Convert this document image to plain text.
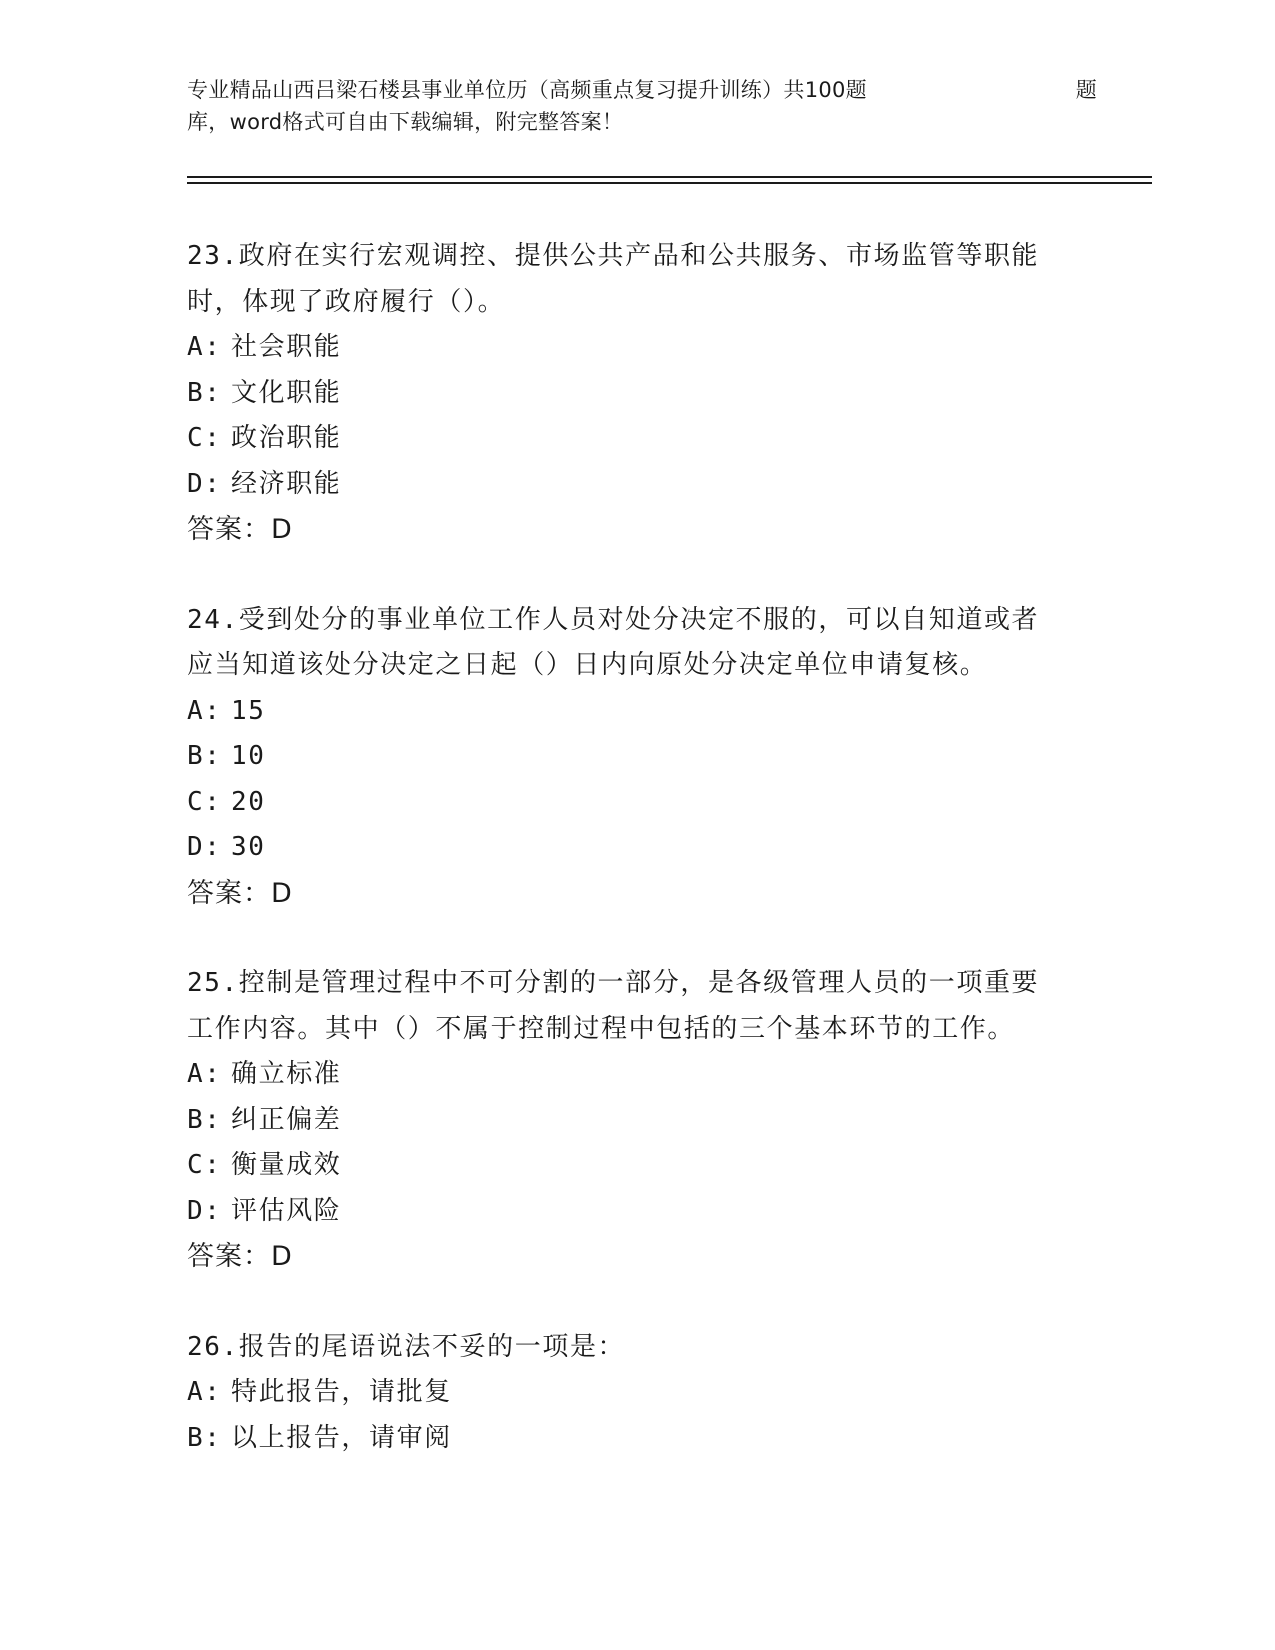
专业精品山西吕梁石楼县事业单位历（高频重点复习提升训练）共100题	题
库，word格式可自由下载编辑，附完整答案！
23.政府在实行宏观调控、提供公共产品和公共服务、市场监管等职能
时，体现了政府履行（）。
A: 社会职能
B: 文化职能
C: 政治职能
D: 经济职能
答案：D
24.受到处分的事业单位工作人员对处分决定不服的，可以自知道或者
应当知道该处分决定之日起（）日内向原处分决定单位申请复核。
A: 15
B: 10
C: 20
D: 30
答案：D
25.控制是管理过程中不可分割的一部分，是各级管理人员的一项重要
工作内容。其中（）不属于控制过程中包括的三个基本环节的工作。
A: 确立标准
B: 纠正偏差
C: 衡量成效
D: 评估风险
答案：D
26.报告的尾语说法不妥的一项是：
A: 特此报告，请批复
B: 以上报告，请审阅
